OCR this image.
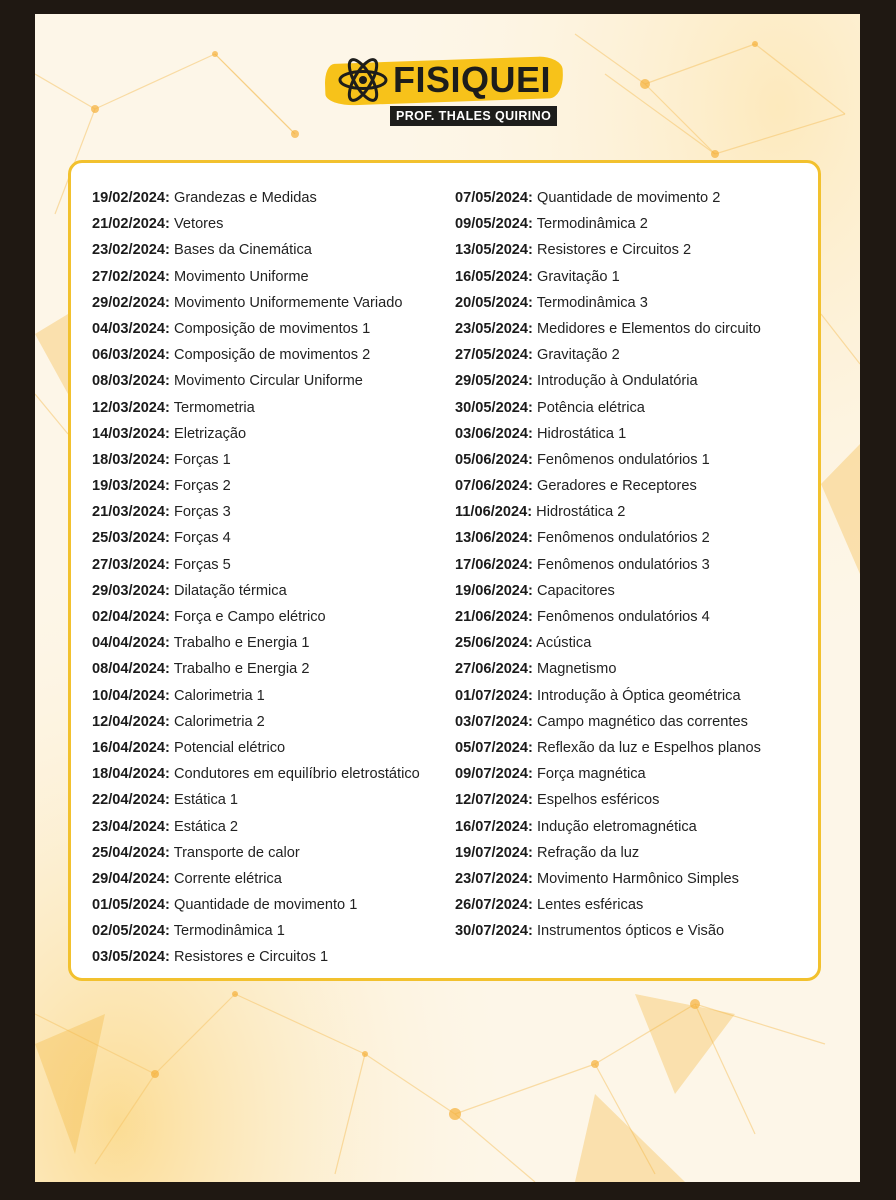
FISIQUEI
PROF. THALES QUIRINO
19/02/2024: Grandezas e Medidas
21/02/2024: Vetores
23/02/2024: Bases da Cinemática
27/02/2024: Movimento Uniforme
29/02/2024: Movimento Uniformemente Variado
04/03/2024: Composição de movimentos 1
06/03/2024: Composição de movimentos 2
08/03/2024: Movimento Circular Uniforme
12/03/2024: Termometria
14/03/2024: Eletrização
18/03/2024: Forças 1
19/03/2024: Forças 2
21/03/2024: Forças 3
25/03/2024: Forças 4
27/03/2024: Forças 5
29/03/2024: Dilatação térmica
02/04/2024: Força e Campo elétrico
04/04/2024: Trabalho e Energia 1
08/04/2024: Trabalho e Energia 2
10/04/2024: Calorimetria 1
12/04/2024: Calorimetria 2
16/04/2024: Potencial elétrico
18/04/2024: Condutores em equilíbrio eletrostático
22/04/2024: Estática 1
23/04/2024: Estática 2
25/04/2024: Transporte de calor
29/04/2024: Corrente elétrica
01/05/2024: Quantidade de movimento 1
02/05/2024: Termodinâmica 1
03/05/2024: Resistores e Circuitos 1
07/05/2024: Quantidade de movimento 2
09/05/2024: Termodinâmica 2
13/05/2024: Resistores e Circuitos 2
16/05/2024: Gravitação 1
20/05/2024: Termodinâmica 3
23/05/2024: Medidores e Elementos do circuito
27/05/2024: Gravitação 2
29/05/2024: Introdução à Ondulatória
30/05/2024: Potência elétrica
03/06/2024: Hidrostática 1
05/06/2024: Fenômenos ondulatórios 1
07/06/2024: Geradores e Receptores
11/06/2024: Hidrostática 2
13/06/2024: Fenômenos ondulatórios 2
17/06/2024: Fenômenos ondulatórios 3
19/06/2024: Capacitores
21/06/2024: Fenômenos ondulatórios 4
25/06/2024: Acústica
27/06/2024: Magnetismo
01/07/2024: Introdução à Óptica geométrica
03/07/2024: Campo magnético das correntes
05/07/2024: Reflexão da luz e Espelhos planos
09/07/2024: Força magnética
12/07/2024: Espelhos esféricos
16/07/2024: Indução eletromagnética
19/07/2024: Refração da luz
23/07/2024: Movimento Harmônico Simples
26/07/2024: Lentes esféricas
30/07/2024: Instrumentos ópticos e Visão
